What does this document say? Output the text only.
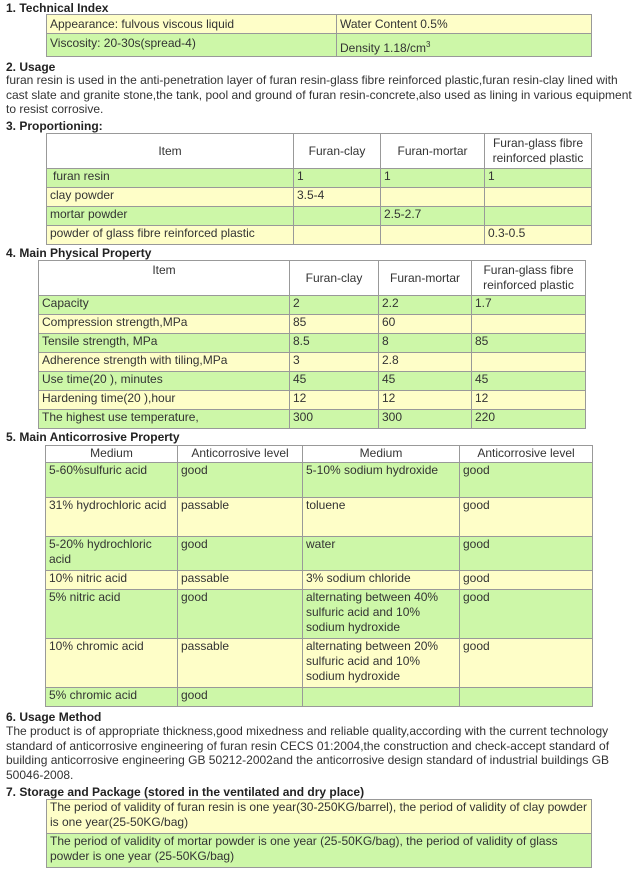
1. Technical Index
Appearance: fulvous viscous liquid	Water Content 0.5%
Viscosity: 20-30s(spread-4)	Density $1.18/cm^3$
2. Usage
furan resin is used in the anti-penetration layer of furan resin-glass fibre reinforced plastic,furan resin-clay lined with cast slate and granite stone,the tank, pool and ground of furan resin-concrete,also used as lining in various equipment to resist corrosive.
3. Proportioning:
Item	Furan-clay	Furan-mortar	Furan-glass fibre reinforced plastic
furan resin	1	1	1
clay powder	3.5-4		
mortar powder		2.5-2.7	
powder of glass fibre reinforced plastic			0.3-0.5
4. Main Physical Property
Item	Furan-clay	Furan-mortar	Furan-glass fibre reinforced plastic
Capacity	2	2.2	1.7
Compression strength,MPa	85	60	
Tensile strength, MPa	8.5	8	85
Adherence strength with tiling,MPa	3	2.8	
Use time(20 ), minutes	45	45	45
Hardening time(20 ),hour	12	12	12
The highest use temperature,	300	300	220
5. Main Anticorrosive Property
Medium	Anticorrosive level	Medium	Anticorrosive level
5-60%sulfuric acid	good	5-10% sodium hydroxide	good
31% hydrochloric acid	passable	toluene	good
5-20% hydrochloric acid	good	water	good
10% nitric acid	passable	3% sodium chloride	good
5% nitric acid	good	alternating between 40% sulfuric acid and 10% sodium hydroxide	good
10% chromic acid	passable	alternating between 20% sulfuric acid and 10% sodium hydroxide	good
5% chromic acid	good		
6. Usage Method
The product is of appropriate thickness,good mixedness and reliable quality,according with the current technology standard of anticorrosive engineering of furan resin CECS 01:2004,the construction and check-accept standard of building anticorrosive engineering GB 50212-2002and the anticorrosive design standard of industrial buildings GB 50046-2008.
7. Storage and Package (stored in the ventilated and dry place)
The period of validity of furan resin is one year(30-250KG/barrel), the period of validity of clay powder is one year(25-50KG/bag)
The period of validity of mortar powder is one year (25-50KG/bag), the period of validity of glass powder is one year (25-50KG/bag)
